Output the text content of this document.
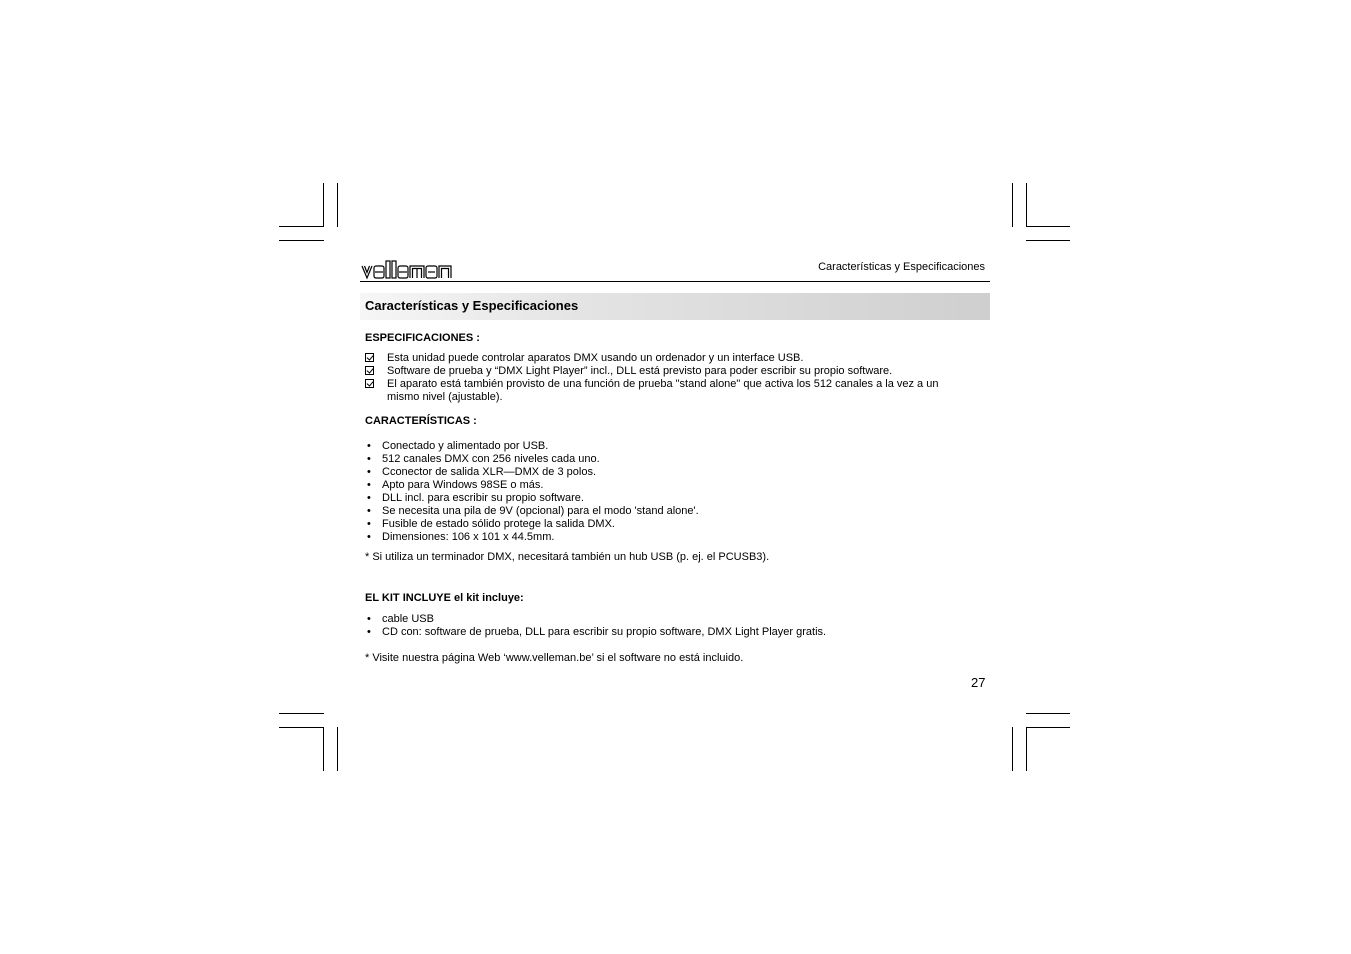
Características y Especificaciones
Características y Especificaciones
ESPECIFICACIONES :
Esta unidad puede controlar aparatos DMX usando un ordenador y un interface USB.
Software de prueba y “DMX Light Player” incl., DLL está previsto para poder escribir su propio software.
El aparato está también provisto de una función de prueba "stand alone" que activa los 512 canales a la vez a un mismo nivel (ajustable).
CARACTERÍSTICAS :
•	Conectado y alimentado por USB.
•	512 canales DMX con 256 niveles cada uno.
•	Cconector de salida XLR—DMX de 3 polos.
•	Apto para Windows 98SE o más.
•	DLL incl. para escribir su propio software.
•	Se necesita una pila de 9V (opcional) para el modo 'stand alone'.
•	Fusible de estado sólido protege la salida DMX.
•	Dimensiones: 106 x 101 x 44.5mm.
* Si utiliza un terminador DMX, necesitará también un hub USB (p. ej. el PCUSB3).
EL KIT INCLUYE el kit incluye:
•	cable USB
•	CD con: software de prueba, DLL para escribir su propio software, DMX Light Player gratis.
* Visite nuestra página Web ‘www.velleman.be’ si el software no está incluido.
27
